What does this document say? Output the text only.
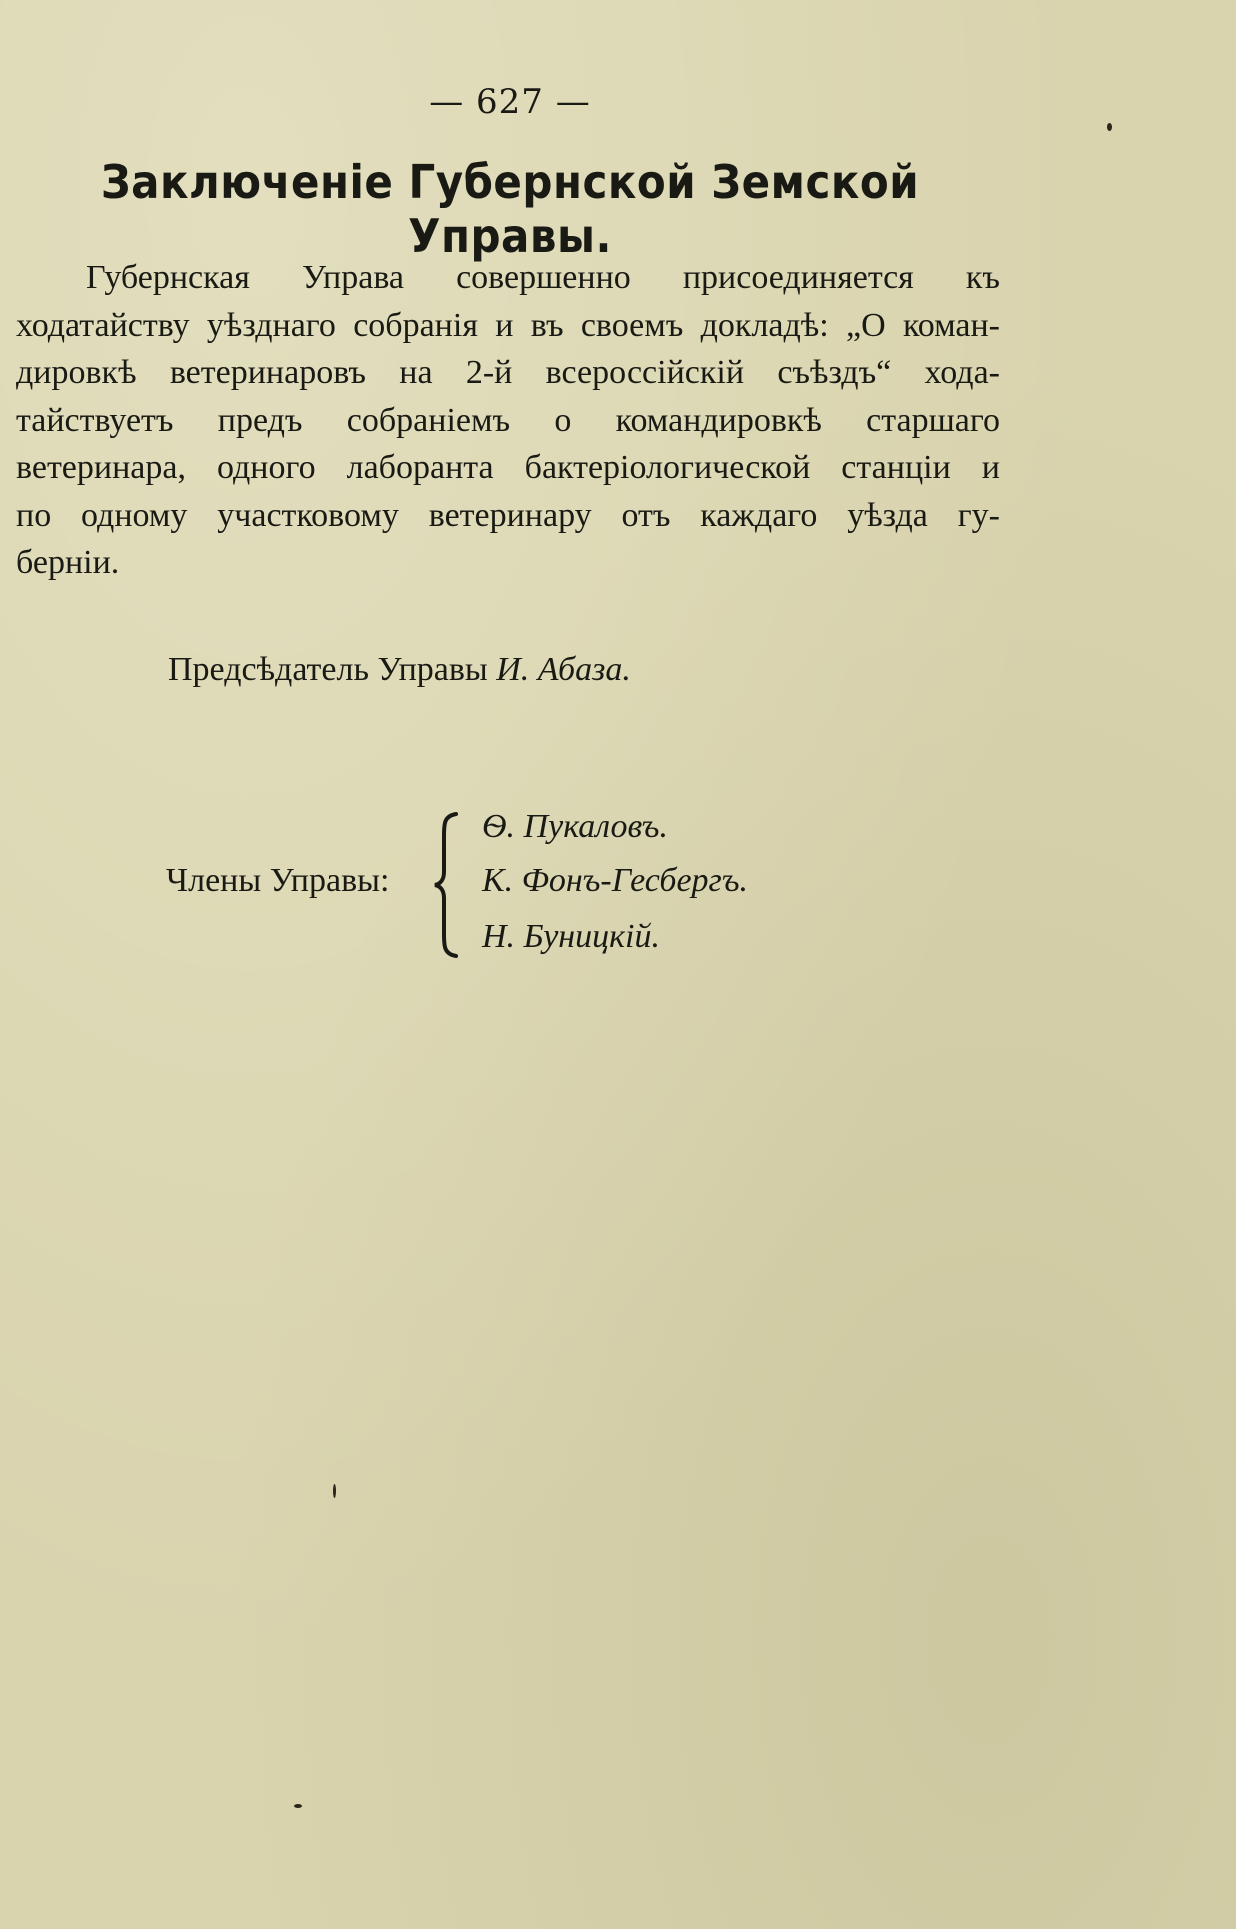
— 627 —
Заключеніе Губернской Земской Управы.
Губернская Управа совершенно присоединяется къ
ходатайству уѣзднаго собранія и въ своемъ докладѣ: „О коман-
дировкѣ ветеринаровъ на 2-й всероссійскій съѣздъ“ хода-
тайствуетъ предъ собраніемъ о командировкѣ старшаго
ветеринара, одного лаборанта бактеріологической станціи и
по одному участковому ветеринару отъ каждаго уѣзда гу-
берніи.
Предсѣдатель Управы И. Абаза.
Члены Управы:
Ѳ. Пукаловъ.
К. Фонъ-Гесбергъ.
Н. Буницкій.
